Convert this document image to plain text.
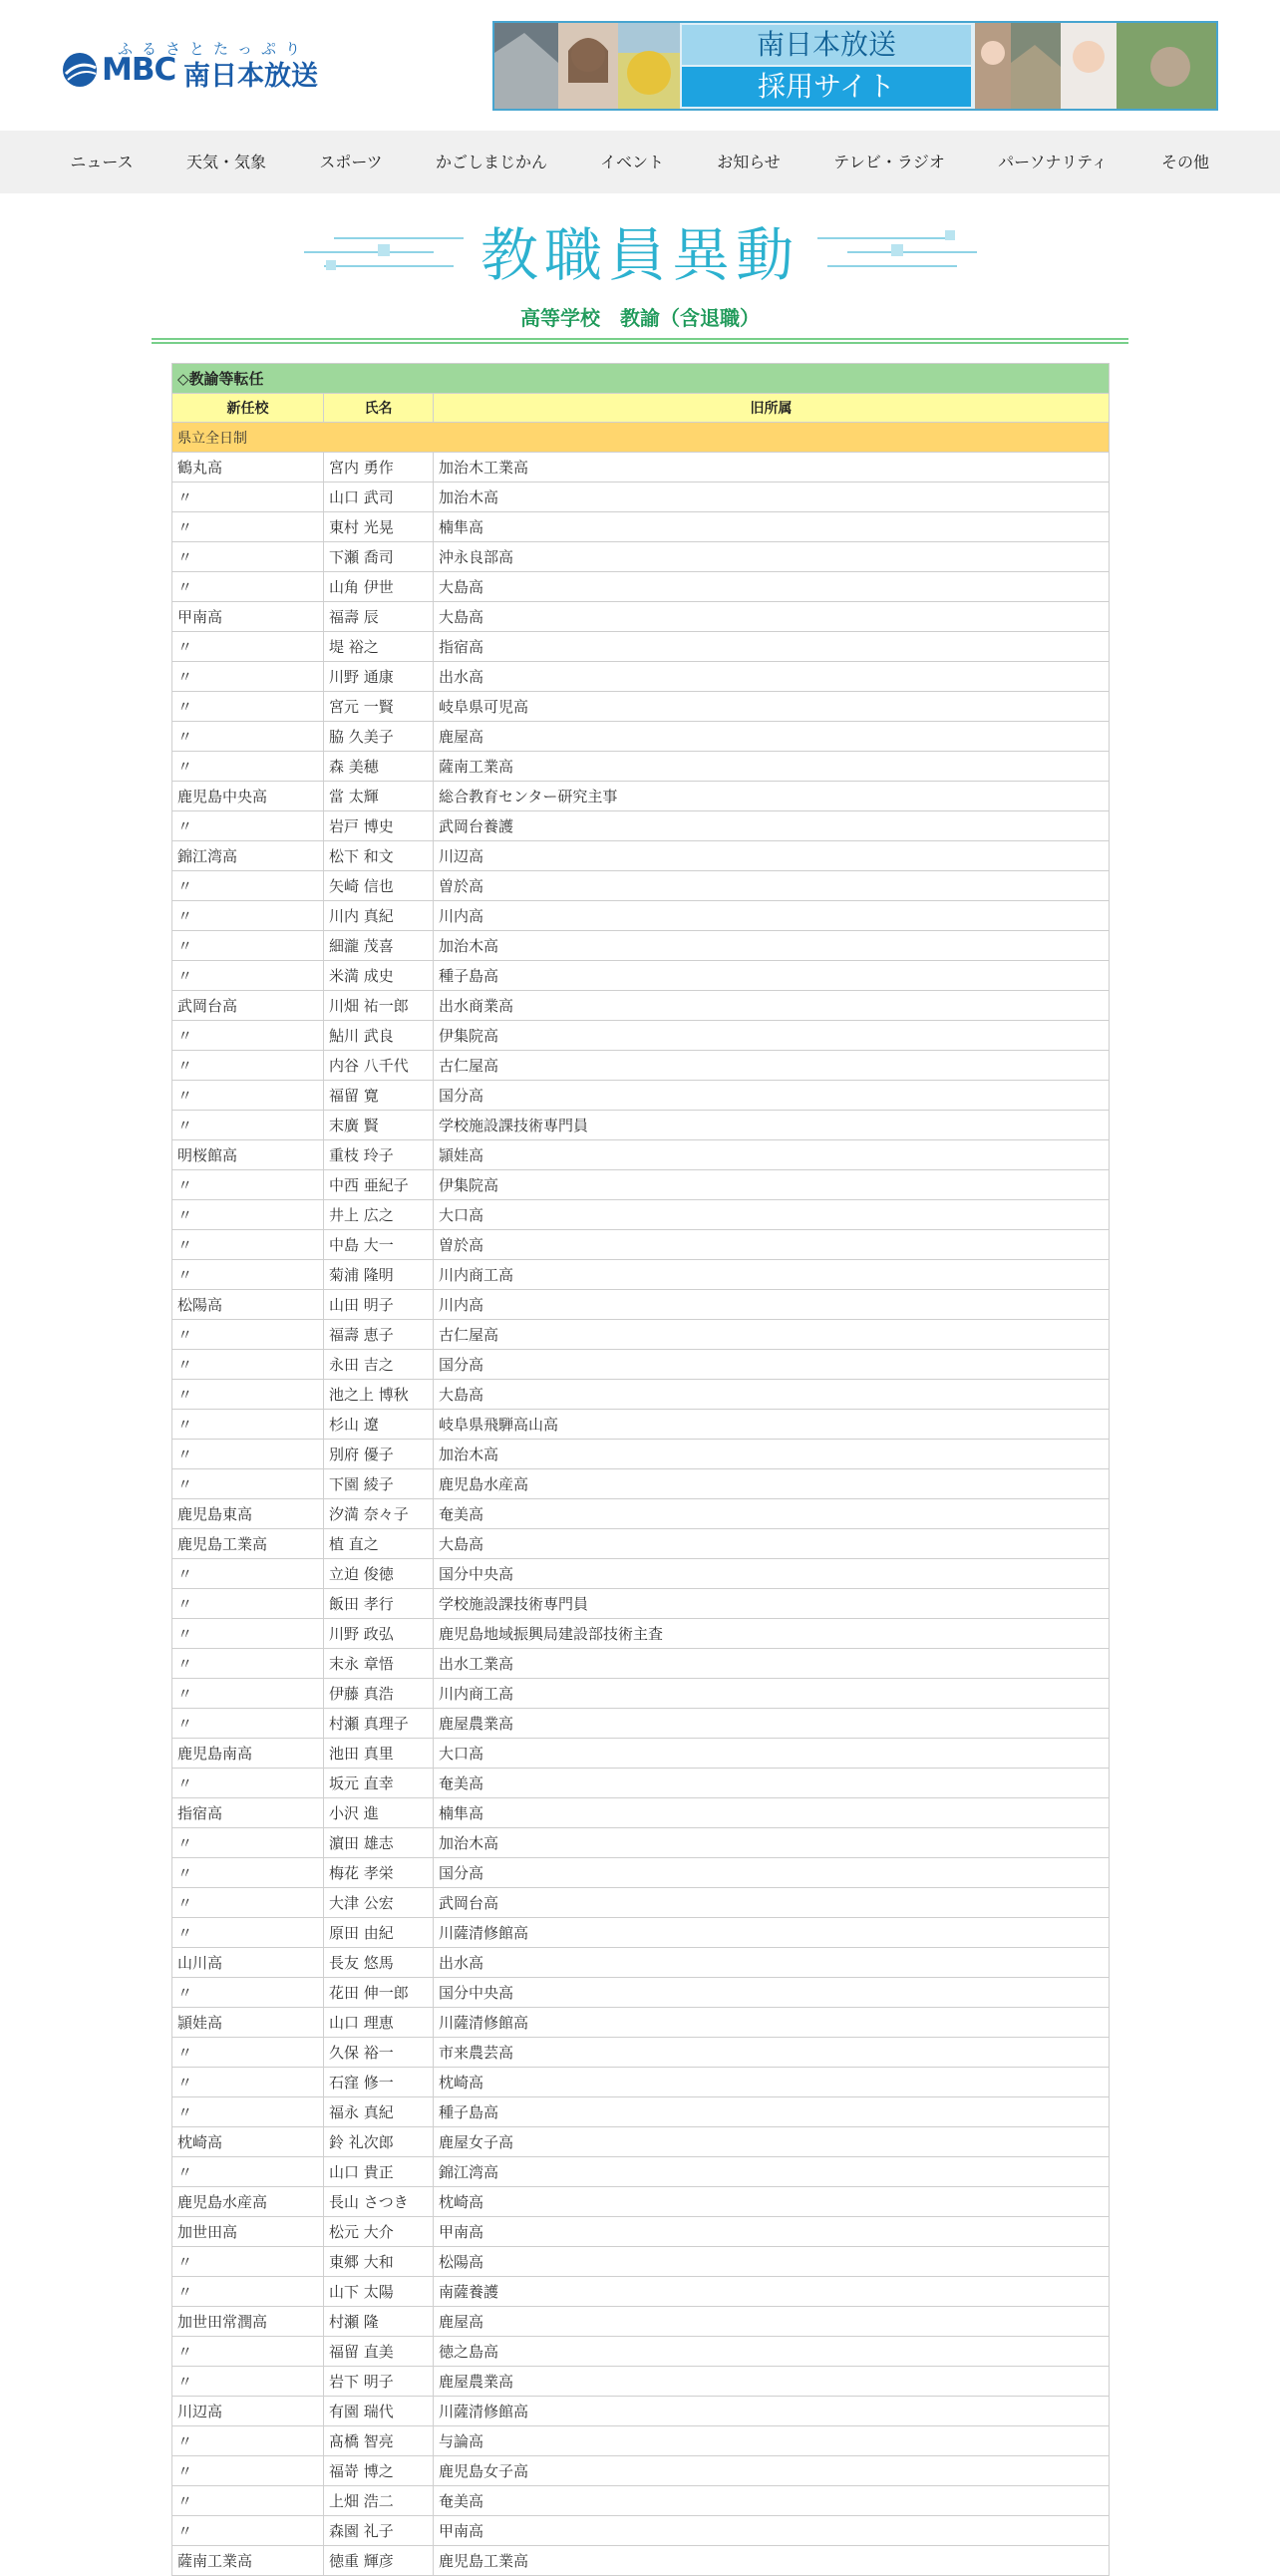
ふるさとたっぷり
MBC 南日本放送
南日本放送
採用サイト
ニュース	天気・気象	スポーツ	かごしまじかん	イベント	お知らせ	テレビ・ラジオ	パーソナリティ	その他
教職員異動
高等学校　教諭（含退職）
◇教諭等転任		
新任校	氏名	旧所属
県立全日制		
鶴丸高	宮内 勇作	加治木工業高
〃	山口 武司	加治木高
〃	東村 光晃	楠隼高
〃	下瀬 喬司	沖永良部高
〃	山角 伊世	大島高
甲南高	福壽 辰	大島高
〃	堤 裕之	指宿高
〃	川野 通康	出水高
〃	宮元 一賢	岐阜県可児高
〃	脇 久美子	鹿屋高
〃	森 美穂	薩南工業高
鹿児島中央高	當 太輝	総合教育センター研究主事
〃	岩戸 博史	武岡台養護
錦江湾高	松下 和文	川辺高
〃	矢崎 信也	曽於高
〃	川内 真紀	川内高
〃	細瀧 茂喜	加治木高
〃	米満 成史	種子島高
武岡台高	川畑 祐一郎	出水商業高
〃	鮎川 武良	伊集院高
〃	内谷 八千代	古仁屋高
〃	福留 寛	国分高
〃	末廣 賢	学校施設課技術専門員
明桜館高	重枝 玲子	頴娃高
〃	中西 亜紀子	伊集院高
〃	井上 広之	大口高
〃	中島 大一	曽於高
〃	菊浦 隆明	川内商工高
松陽高	山田 明子	川内高
〃	福壽 恵子	古仁屋高
〃	永田 吉之	国分高
〃	池之上 博秋	大島高
〃	杉山 遼	岐阜県飛騨高山高
〃	別府 優子	加治木高
〃	下園 綾子	鹿児島水産高
鹿児島東高	汐満 奈々子	奄美高
鹿児島工業高	植 直之	大島高
〃	立迫 俊徳	国分中央高
〃	飯田 孝行	学校施設課技術専門員
〃	川野 政弘	鹿児島地域振興局建設部技術主査
〃	末永 章悟	出水工業高
〃	伊藤 真浩	川内商工高
〃	村瀬 真理子	鹿屋農業高
鹿児島南高	池田 真里	大口高
〃	坂元 直幸	奄美高
指宿高	小沢 進	楠隼高
〃	濵田 雄志	加治木高
〃	梅花 孝栄	国分高
〃	大津 公宏	武岡台高
〃	原田 由紀	川薩清修館高
山川高	長友 悠馬	出水高
〃	花田 伸一郎	国分中央高
頴娃高	山口 理恵	川薩清修館高
〃	久保 裕一	市来農芸高
〃	石窪 修一	枕崎高
〃	福永 真紀	種子島高
枕崎高	鈴 礼次郎	鹿屋女子高
〃	山口 貴正	錦江湾高
鹿児島水産高	長山 さつき	枕崎高
加世田高	松元 大介	甲南高
〃	東郷 大和	松陽高
〃	山下 太陽	南薩養護
加世田常潤高	村瀬 隆	鹿屋高
〃	福留 直美	徳之島高
〃	岩下 明子	鹿屋農業高
川辺高	有園 瑞代	川薩清修館高
〃	髙橋 智亮	与論高
〃	福嵜 博之	鹿児島女子高
〃	上畑 浩二	奄美高
〃	森園 礼子	甲南高
薩南工業高	徳重 輝彦	鹿児島工業高
